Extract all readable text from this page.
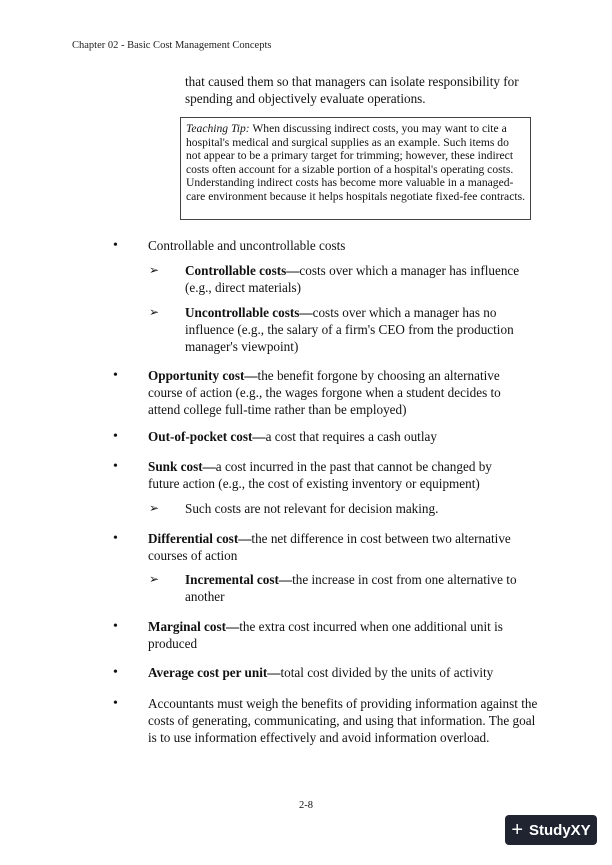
Chapter 02 - Basic Cost Management Concepts
that caused them so that managers can isolate responsibility for spending and objectively evaluate operations.
Teaching Tip: When discussing indirect costs, you may want to cite a hospital's medical and surgical supplies as an example. Such items do not appear to be a primary target for trimming; however, these indirect costs often account for a sizable portion of a hospital's operating costs. Understanding indirect costs has become more valuable in a managed-care environment because it helps hospitals negotiate fixed-fee contracts.
•	Controllable and uncontrollable costs
➢ Controllable costs—costs over which a manager has influence (e.g., direct materials)
➢ Uncontrollable costs—costs over which a manager has no influence (e.g., the salary of a firm's CEO from the production manager's viewpoint)
•	Opportunity cost—the benefit forgone by choosing an alternative course of action (e.g., the wages forgone when a student decides to attend college full-time rather than be employed)
•	Out-of-pocket cost—a cost that requires a cash outlay
•	Sunk cost—a cost incurred in the past that cannot be changed by future action (e.g., the cost of existing inventory or equipment)
➢ Such costs are not relevant for decision making.
•	Differential cost—the net difference in cost between two alternative courses of action
➢ Incremental cost—the increase in cost from one alternative to another
•	Marginal cost—the extra cost incurred when one additional unit is produced
•	Average cost per unit—total cost divided by the units of activity
•	Accountants must weigh the benefits of providing information against the costs of generating, communicating, and using that information. The goal is to use information effectively and avoid information overload.
2-8
+ StudyXY
